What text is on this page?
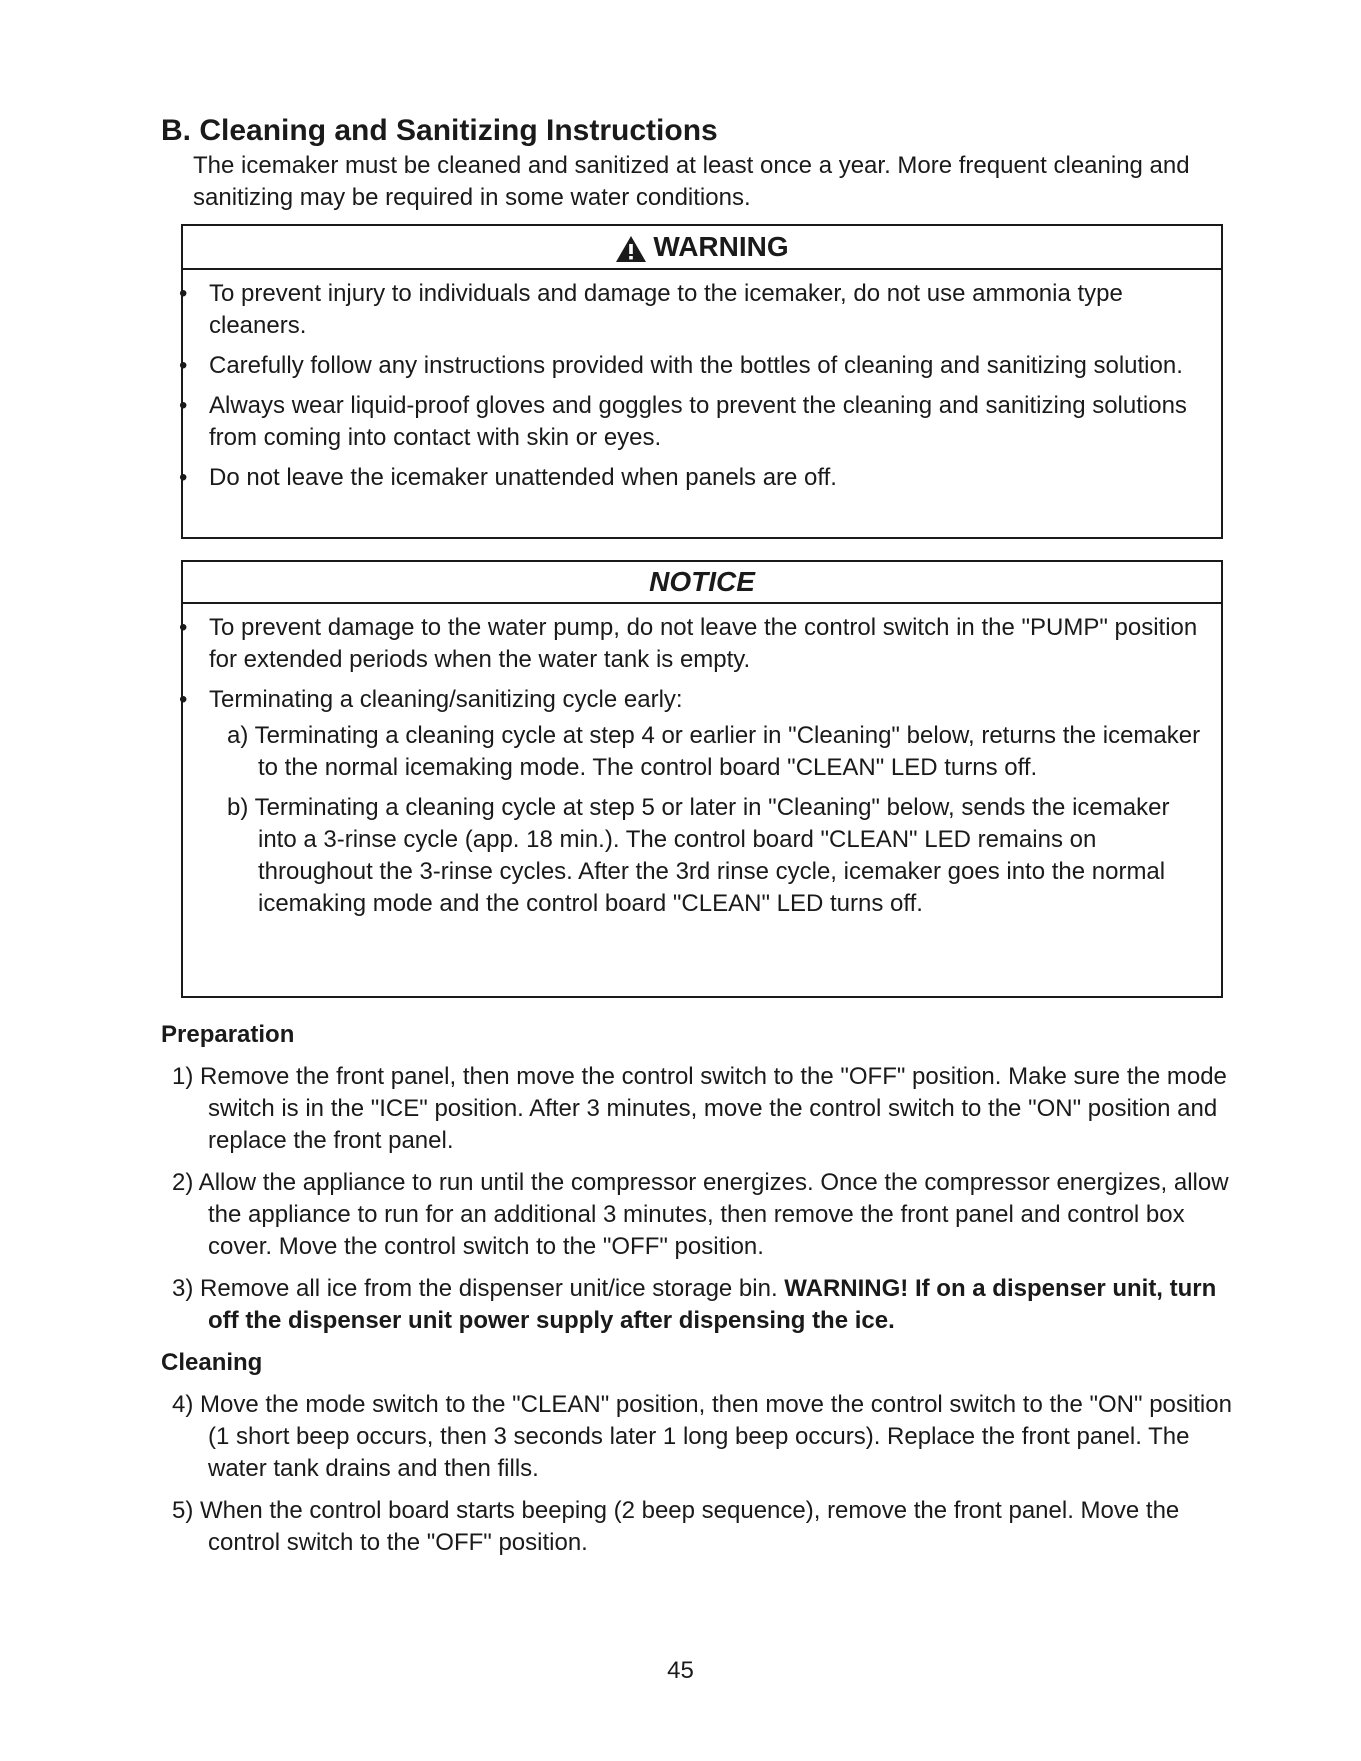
B. Cleaning and Sanitizing Instructions

The icemaker must be cleaned and sanitized at least once a year. More frequent cleaning and sanitizing may be required in some water conditions.

WARNING
• To prevent injury to individuals and damage to the icemaker, do not use ammonia type cleaners.
• Carefully follow any instructions provided with the bottles of cleaning and sanitizing solution.
• Always wear liquid-proof gloves and goggles to prevent the cleaning and sanitizing solutions from coming into contact with skin or eyes.
• Do not leave the icemaker unattended when panels are off.
NOTICE
• To prevent damage to the water pump, do not leave the control switch in the "PUMP" position for extended periods when the water tank is empty.
• Terminating a cleaning/sanitizing cycle early:
a) Terminating a cleaning cycle at step 4 or earlier in "Cleaning" below, returns the icemaker to the normal icemaking mode. The control board "CLEAN" LED turns off.
b) Terminating a cleaning cycle at step 5 or later in "Cleaning" below, sends the icemaker into a 3-rinse cycle (app. 18 min.). The control board "CLEAN" LED remains on throughout the 3-rinse cycles. After the 3rd rinse cycle, icemaker goes into the normal icemaking mode and the control board "CLEAN" LED turns off.
Preparation
1) Remove the front panel, then move the control switch to the "OFF" position. Make sure the mode switch is in the "ICE" position. After 3 minutes, move the control switch to the "ON" position and replace the front panel.
2) Allow the appliance to run until the compressor energizes. Once the compressor energizes, allow the appliance to run for an additional 3 minutes, then remove the front panel and control box cover. Move the control switch to the "OFF" position.
3) Remove all ice from the dispenser unit/ice storage bin. WARNING! If on a dispenser unit, turn off the dispenser unit power supply after dispensing the ice.
Cleaning
4) Move the mode switch to the "CLEAN" position, then move the control switch to the "ON" position (1 short beep occurs, then 3 seconds later 1 long beep occurs). Replace the front panel. The water tank drains and then fills.
5) When the control board starts beeping (2 beep sequence), remove the front panel. Move the control switch to the "OFF" position.
45
